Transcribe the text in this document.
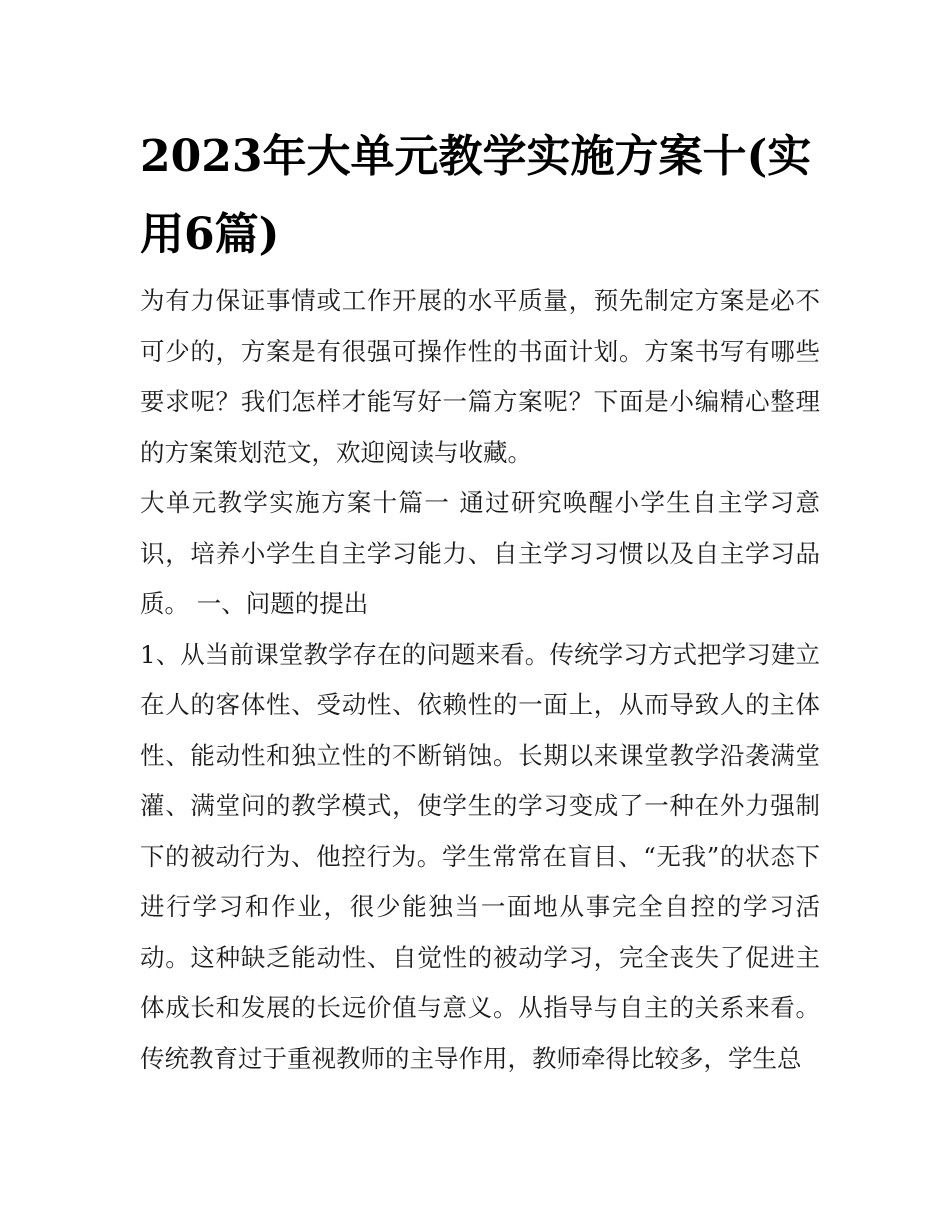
2023年大单元教学实施方案十(实用6篇)

为有力保证事情或工作开展的水平质量，预先制定方案是必不可少的，方案是有很强可操作性的书面计划。方案书写有哪些要求呢？我们怎样才能写好一篇方案呢？下面是小编精心整理的方案策划范文，欢迎阅读与收藏。

大单元教学实施方案十篇一 通过研究唤醒小学生自主学习意识，培养小学生自主学习能力、自主学习习惯以及自主学习品质。 一、问题的提出

1、从当前课堂教学存在的问题来看。传统学习方式把学习建立在人的客体性、受动性、依赖性的一面上，从而导致人的主体性、能动性和独立性的不断销蚀。长期以来课堂教学沿袭满堂灌、满堂问的教学模式，使学生的学习变成了一种在外力强制下的被动行为、他控行为。学生常常在盲目、“无我”的状态下进行学习和作业，很少能独当一面地从事完全自控的学习活动。这种缺乏能动性、自觉性的被动学习，完全丧失了促进主体成长和发展的长远价值与意义。从指导与自主的关系来看。传统教育过于重视教师的主导作用，教师牵得比较多，学生总
